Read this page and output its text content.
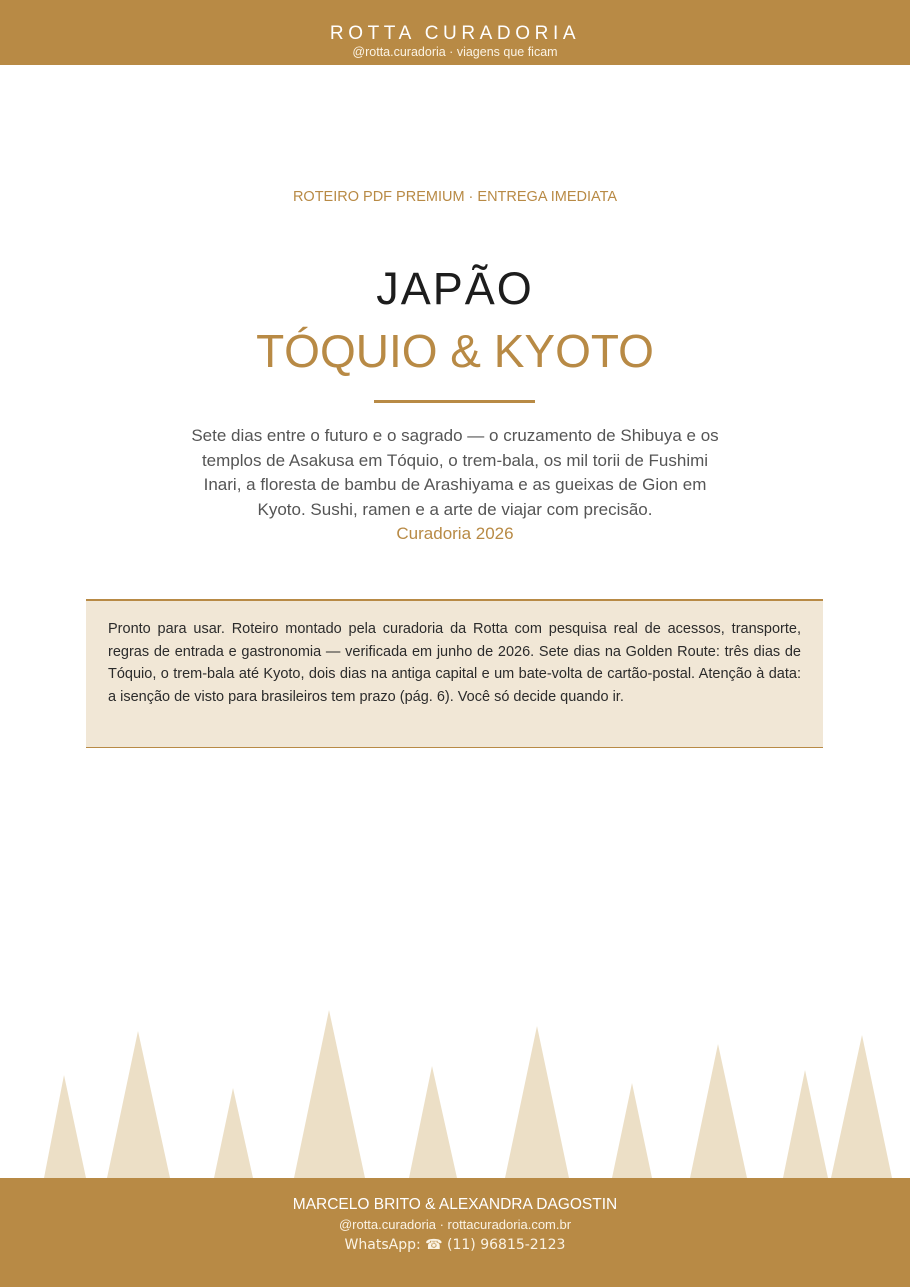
ROTTA CURADORIA
@rotta.curadoria · viagens que ficam
ROTEIRO PDF PREMIUM · ENTREGA IMEDIATA
JAPÃO
TÓQUIO & KYOTO
Sete dias entre o futuro e o sagrado — o cruzamento de Shibuya e os templos de Asakusa em Tóquio, o trem-bala, os mil torii de Fushimi Inari, a floresta de bambu de Arashiyama e as gueixas de Gion em Kyoto. Sushi, ramen e a arte de viajar com precisão.
Curadoria 2026

Pronto para usar. Roteiro montado pela curadoria da Rotta com pesquisa real de acessos, transporte, regras de entrada e gastronomia — verificada em junho de 2026. Sete dias na Golden Route: três dias de Tóquio, o trem-bala até Kyoto, dois dias na antiga capital e um bate-volta de cartão-postal. Atenção à data: a isenção de visto para brasileiros tem prazo (pág. 6). Você só decide quando ir.

MARCELO BRITO & ALEXANDRA DAGOSTIN
@rotta.curadoria · rottacuradoria.com.br
WhatsApp: ☎ (11) 96815-2123
